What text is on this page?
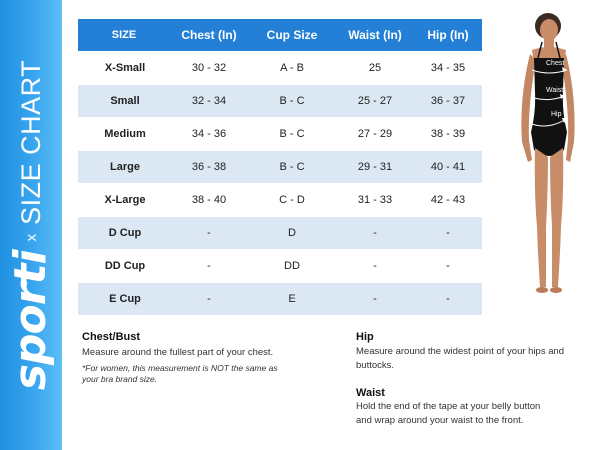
sporti
x
SIZE CHART
SIZE	Chest (In)	Cup Size	Waist (In)	Hip (In)
X-Small	30 - 32	A - B	25	34 - 35
Small	32 - 34	B - C	25 - 27	36 - 37
Medium	34 - 36	B - C	27 - 29	38 - 39
Large	36 - 38	B - C	29 - 31	40 - 41
X-Large	38 - 40	C - D	31 - 33	42 - 43
D Cup	-	D	-	-
DD Cup	-	DD	-	-
E Cup	-	E	-	-
Chest
Waist
Hip
Chest/Bust
Measure around the fullest part of your chest.
*For women, this measurement is NOT the same as
your bra brand size.
Hip
Measure around the widest point of your hips and
buttocks.
Waist
Hold the end of the tape at your belly button
and wrap around your waist to the front.
